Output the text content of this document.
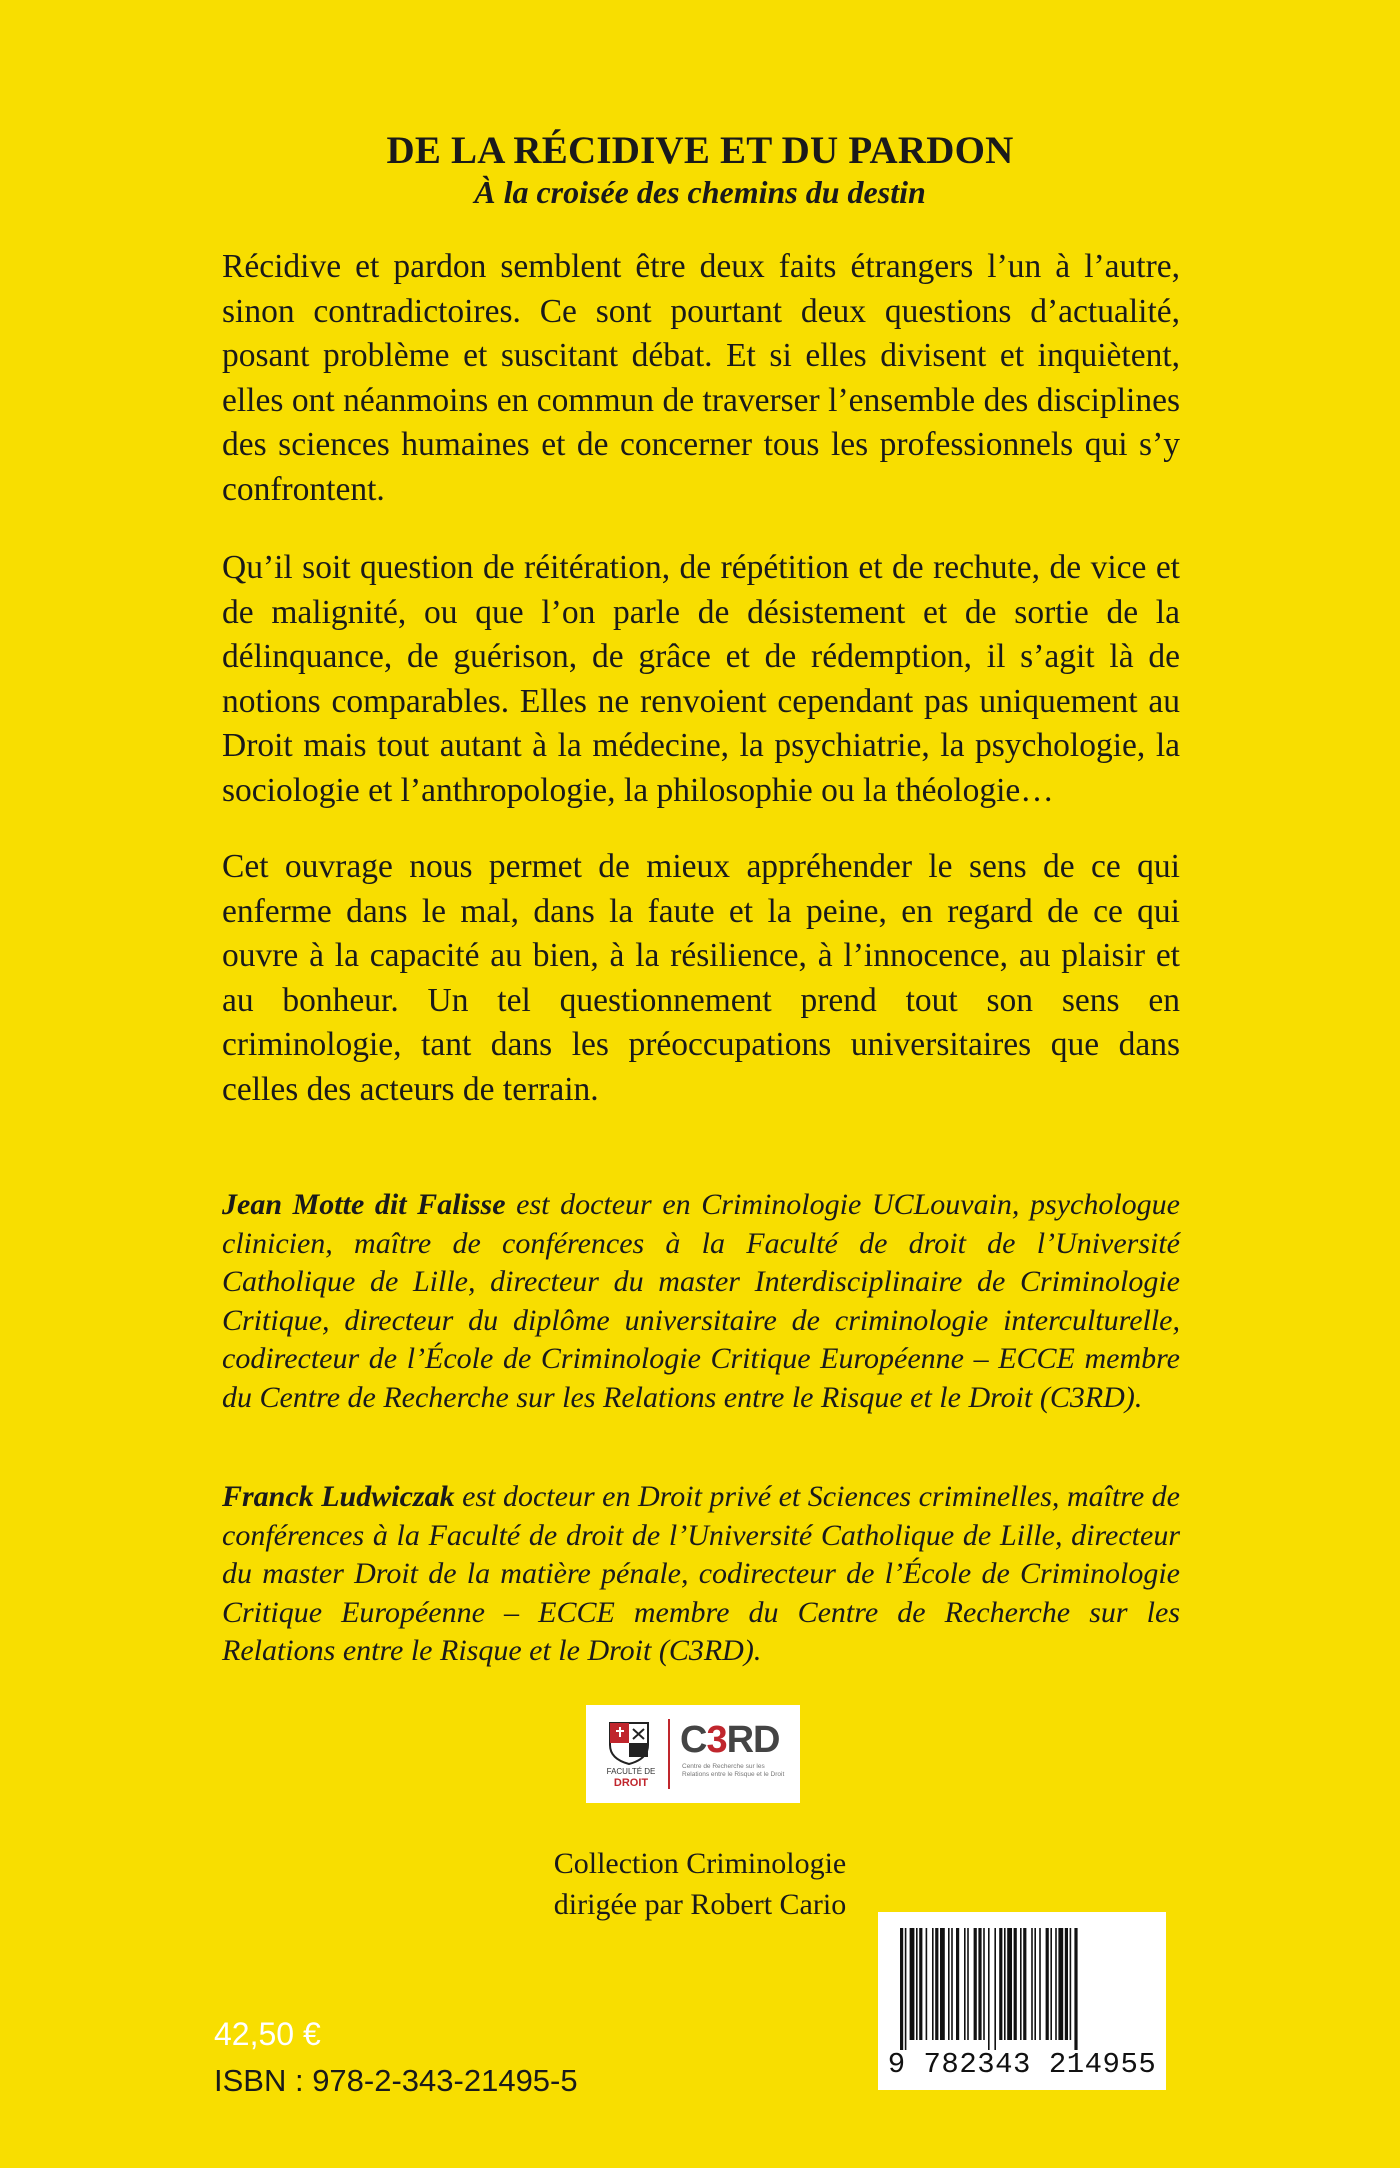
DE LA RÉCIDIVE ET DU PARDON
À la croisée des chemins du destin

Récidive et pardon semblent être deux faits étrangers l’un à l’autre, sinon contradictoires. Ce sont pourtant deux questions d’actualité, posant problème et suscitant débat. Et si elles divisent et inquiètent, elles ont néanmoins en commun de traverser l’ensemble des disciplines des sciences humaines et de concerner tous les professionnels qui s’y confrontent.

Qu’il soit question de réitération, de répétition et de rechute, de vice et de malignité, ou que l’on parle de désistement et de sortie de la délinquance, de guérison, de grâce et de rédemption, il s’agit là de notions comparables. Elles ne renvoient cependant pas uniquement au Droit mais tout autant à la médecine, la psychiatrie, la psychologie, la sociologie et l’anthropologie, la philosophie ou la théologie…

Cet ouvrage nous permet de mieux appréhender le sens de ce qui enferme dans le mal, dans la faute et la peine, en regard de ce qui ouvre à la capacité au bien, à la résilience, à l’innocence, au plaisir et au bonheur. Un tel questionnement prend tout son sens en criminologie, tant dans les préoccupations universitaires que dans celles des acteurs de terrain.

Jean Motte dit Falisse est docteur en Criminologie UCLouvain, psychologue clinicien, maître de conférences à la Faculté de droit de l’Université Catholique de Lille, directeur du master Interdisciplinaire de Criminologie Critique, directeur du diplôme universitaire de criminologie interculturelle, codirecteur de l’École de Criminologie Critique Européenne – ECCE membre du Centre de Recherche sur les Relations entre le Risque et le Droit (C3RD).

Franck Ludwiczak est docteur en Droit privé et Sciences criminelles, maître de conférences à la Faculté de droit de l’Université Catholique de Lille, directeur du master Droit de la matière pénale, codirecteur de l’École de Criminologie Critique Européenne – ECCE membre du Centre de Recherche sur les Relations entre le Risque et le Droit (C3RD).

FACULTÉ DE
DROIT
C3RD
Centre de Recherche sur les Relations entre le Risque et le Droit
Collection Criminologie
dirigée par Robert Cario
42,50 €
ISBN : 978-2-343-21495-5	9 782343 214955
